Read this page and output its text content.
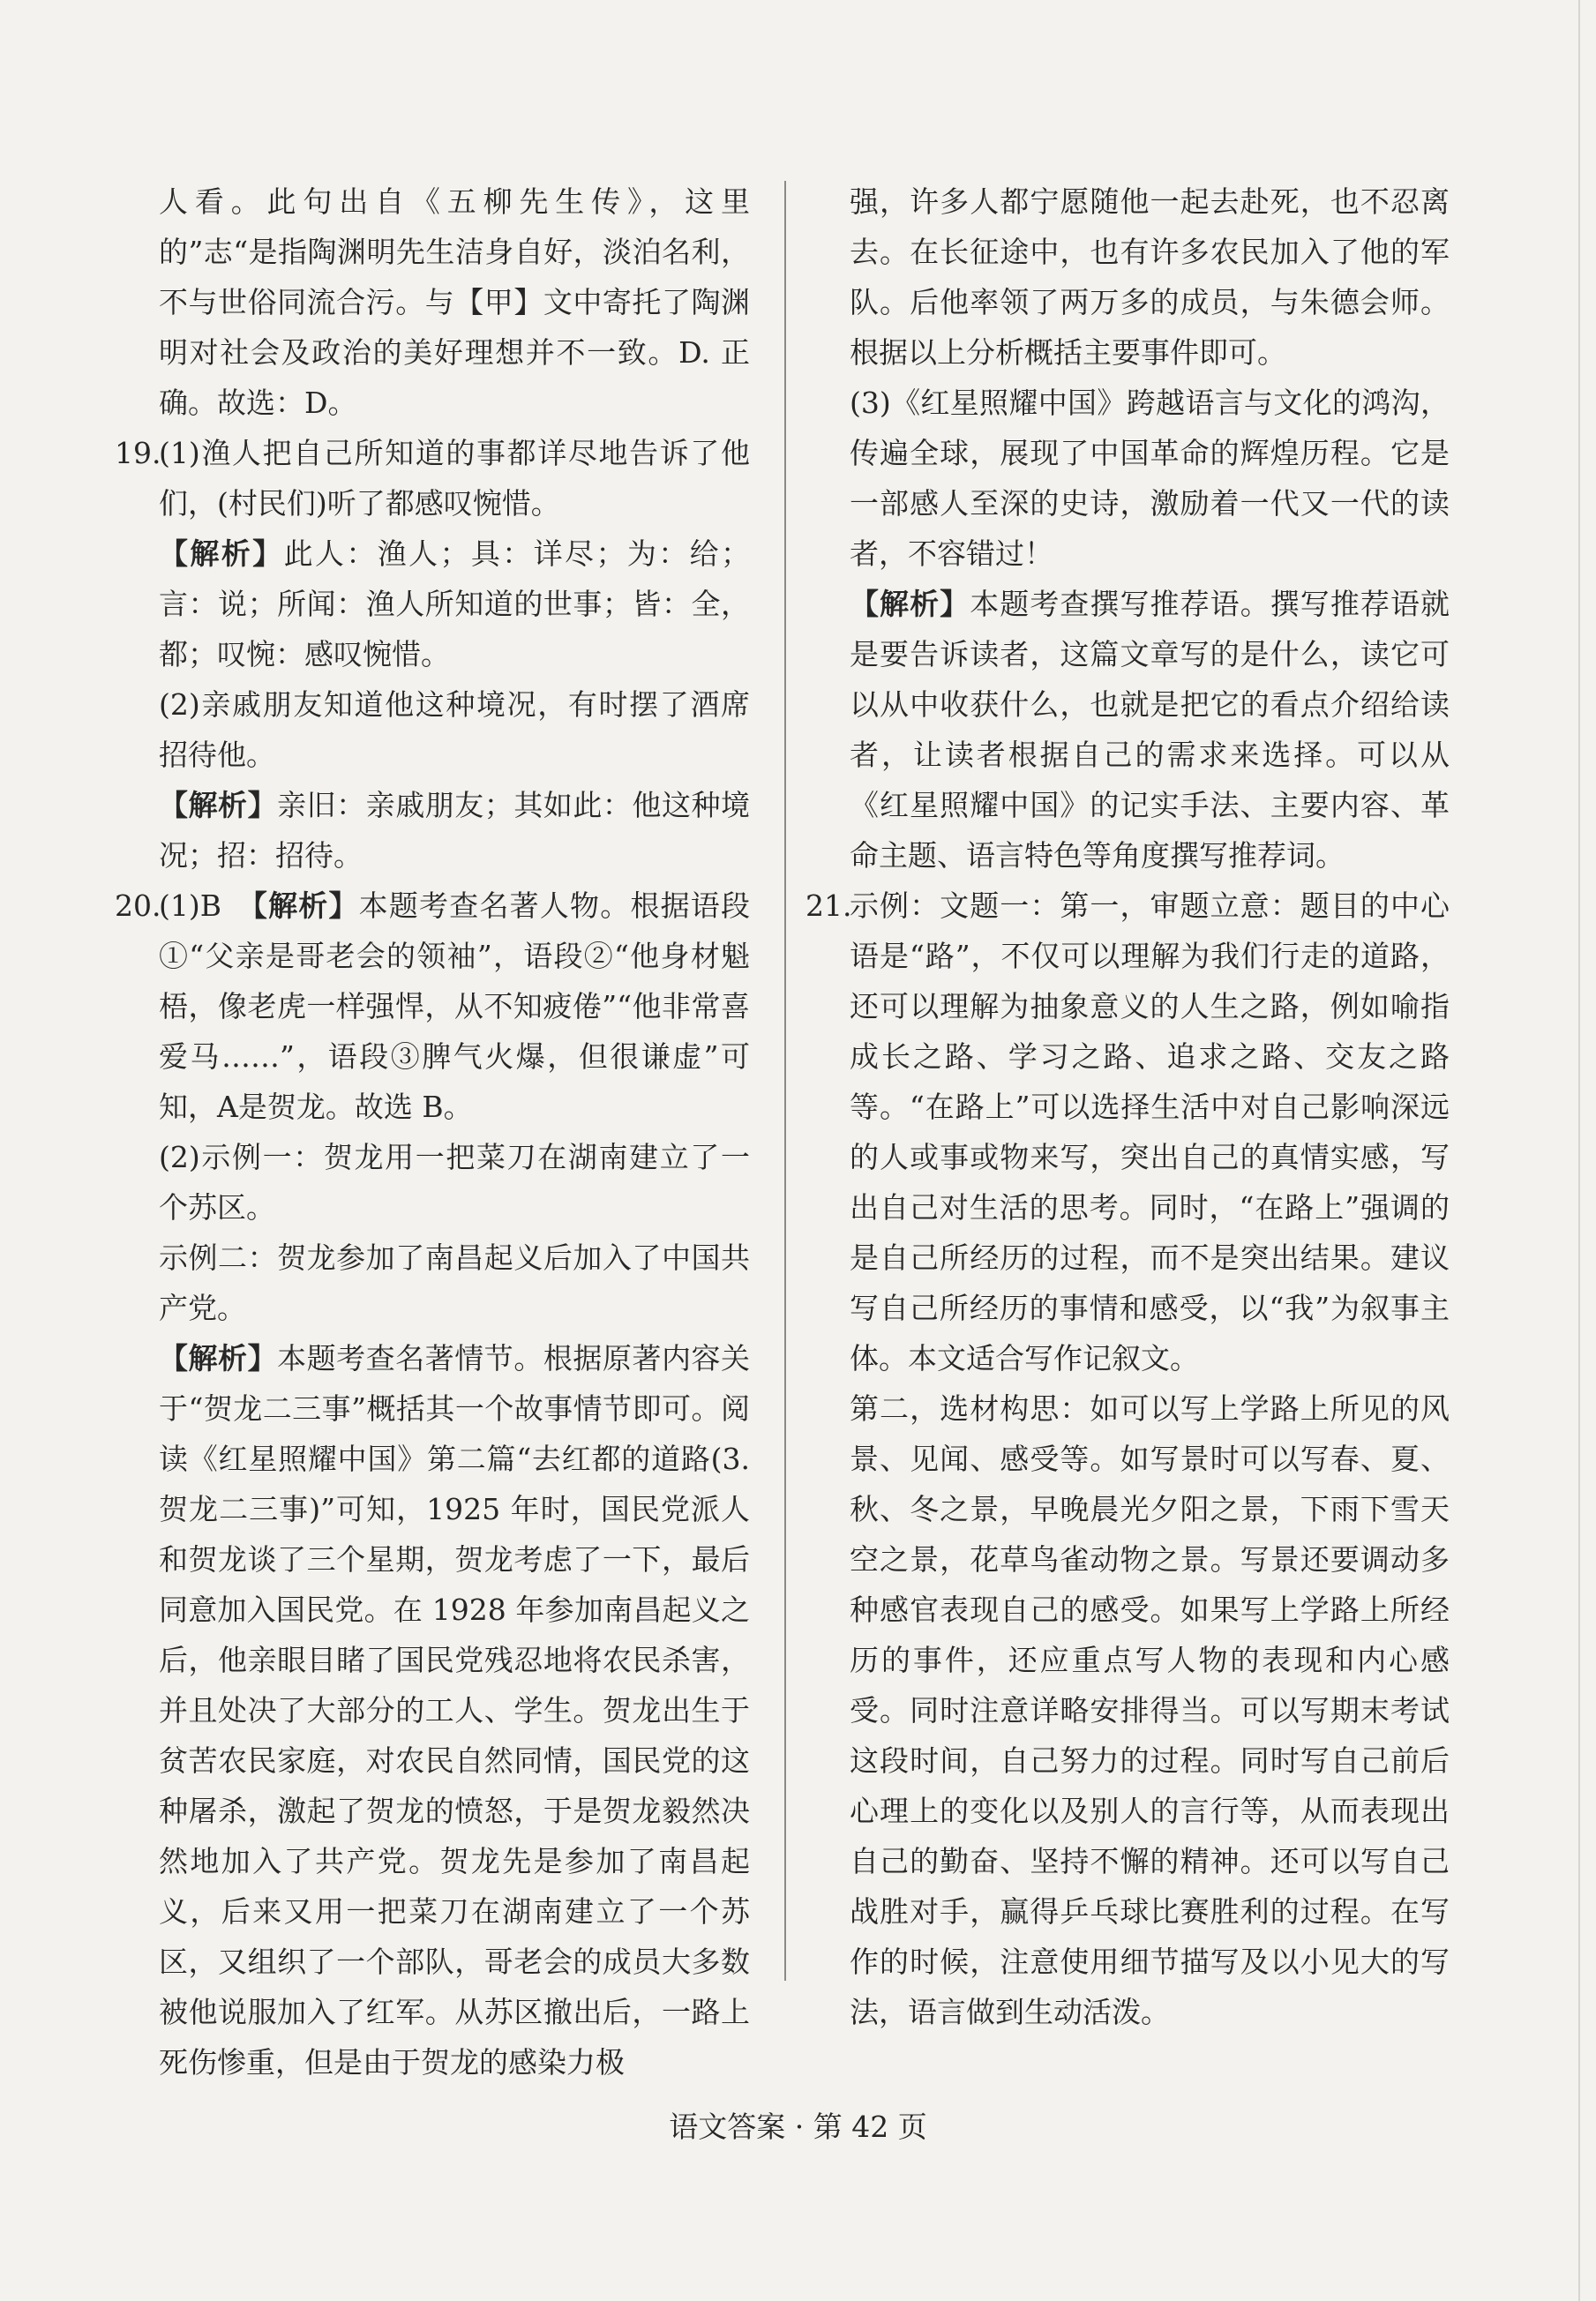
人看。此句出自《五柳先生传》，这里的”志“是指陶渊明先生洁身自好，淡泊名利，不与世俗同流合污。与【甲】文中寄托了陶渊明对社会及政治的美好理想并不一致。D. 正确。故选：D。

19.

(1)渔人把自己所知道的事都详尽地告诉了他们，(村民们)听了都感叹惋惜。

【解析】此人：渔人；具：详尽；为：给；言：说；所闻：渔人所知道的世事；皆：全，都；叹惋：感叹惋惜。

(2)亲戚朋友知道他这种境况，有时摆了酒席招待他。

【解析】亲旧：亲戚朋友；其如此：他这种境况；招：招待。

20.

(1)B　【解析】本题考查名著人物。根据语段①“父亲是哥老会的领袖”，语段②“他身材魁梧，像老虎一样强悍，从不知疲倦”“他非常喜爱马……”，语段③脾气火爆，但很谦虚”可知，A是贺龙。故选 B。

(2)示例一：贺龙用一把菜刀在湖南建立了一个苏区。

示例二：贺龙参加了南昌起义后加入了中国共产党。

【解析】本题考查名著情节。根据原著内容关于“贺龙二三事”概括其一个故事情节即可。阅读《红星照耀中国》第二篇“去红都的道路(3. 贺龙二三事)”可知，1925 年时，国民党派人和贺龙谈了三个星期，贺龙考虑了一下，最后同意加入国民党。在 1928 年参加南昌起义之后，他亲眼目睹了国民党残忍地将农民杀害，并且处决了大部分的工人、学生。贺龙出生于贫苦农民家庭，对农民自然同情，国民党的这种屠杀，激起了贺龙的愤怒，于是贺龙毅然决然地加入了共产党。贺龙先是参加了南昌起义，后来又用一把菜刀在湖南建立了一个苏区，又组织了一个部队，哥老会的成员大多数被他说服加入了红军。从苏区撤出后，一路上死伤惨重，但是由于贺龙的感染力极

强，许多人都宁愿随他一起去赴死，也不忍离去。在长征途中，也有许多农民加入了他的军队。后他率领了两万多的成员，与朱德会师。根据以上分析概括主要事件即可。

(3)《红星照耀中国》跨越语言与文化的鸿沟，传遍全球，展现了中国革命的辉煌历程。它是一部感人至深的史诗，激励着一代又一代的读者，不容错过！

【解析】本题考查撰写推荐语。撰写推荐语就是要告诉读者，这篇文章写的是什么，读它可以从中收获什么，也就是把它的看点介绍给读者，让读者根据自己的需求来选择。可以从《红星照耀中国》的记实手法、主要内容、革命主题、语言特色等角度撰写推荐词。

21.

示例：文题一：第一，审题立意：题目的中心语是“路”，不仅可以理解为我们行走的道路，还可以理解为抽象意义的人生之路，例如喻指成长之路、学习之路、追求之路、交友之路等。“在路上”可以选择生活中对自己影响深远的人或事或物来写，突出自己的真情实感，写出自己对生活的思考。同时，“在路上”强调的是自己所经历的过程，而不是突出结果。建议写自己所经历的事情和感受，以“我”为叙事主体。本文适合写作记叙文。

第二，选材构思：如可以写上学路上所见的风景、见闻、感受等。如写景时可以写春、夏、秋、冬之景，早晚晨光夕阳之景，下雨下雪天空之景，花草鸟雀动物之景。写景还要调动多种感官表现自己的感受。如果写上学路上所经历的事件，还应重点写人物的表现和内心感受。同时注意详略安排得当。可以写期末考试这段时间，自己努力的过程。同时写自己前后心理上的变化以及别人的言行等，从而表现出自己的勤奋、坚持不懈的精神。还可以写自己战胜对手，赢得乒乓球比赛胜利的过程。在写作的时候，注意使用细节描写及以小见大的写法，语言做到生动活泼。

语文答案 · 第 42 页
